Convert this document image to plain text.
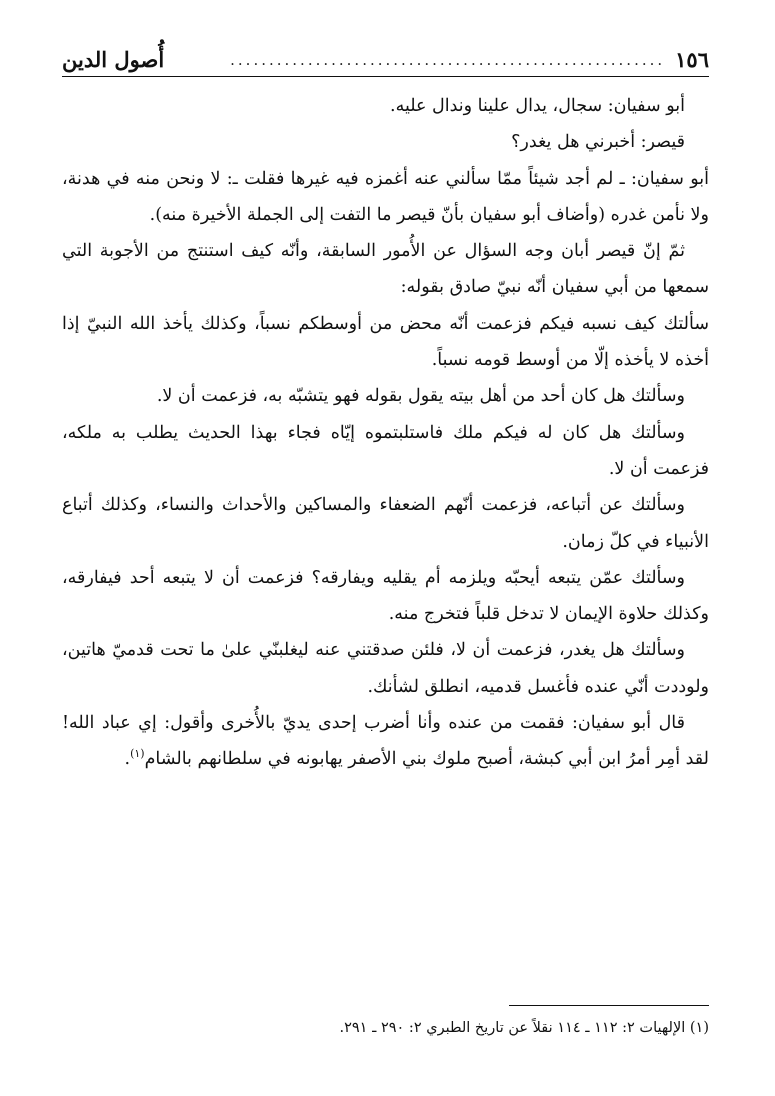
١٥٦
........................................................
أُصول الدين

أبو سفيان: سجال، يدال علينا وندال عليه.

قيصر: أخبرني هل يغدر؟

أبو سفيان: ـ لم أجد شيئاً ممّا سألني عنه أغمزه فيه غيرها فقلت ـ: لا ونحن منه في هدنة، ولا نأمن غدره (وأضاف أبو سفيان بأنّ قيصر ما التفت إلى الجملة الأخيرة منه).

ثمّ إنّ قيصر أبان وجه السؤال عن الأُمور السابقة، وأنّه كيف استنتج من الأجوبة التي سمعها من أبي سفيان أنّه نبيّ صادق بقوله:

سألتك كيف نسبه فيكم فزعمت أنّه محض من أوسطكم نسباً، وكذلك يأخذ الله النبيّ إذا أخذه لا يأخذه إلّا من أوسط قومه نسباً.

وسألتك هل كان أحد من أهل بيته يقول بقوله فهو يتشبّه به، فزعمت أن لا.

وسألتك هل كان له فيكم ملك فاستلبتموه إيّاه فجاء بهذا الحديث يطلب به ملكه، فزعمت أن لا.

وسألتك عن أتباعه، فزعمت أنّهم الضعفاء والمساكين والأحداث والنساء، وكذلك أتباع الأنبياء في كلّ زمان.

وسألتك عمّن يتبعه أيحبّه ويلزمه أم يقليه ويفارقه؟ فزعمت أن لا يتبعه أحد فيفارقه، وكذلك حلاوة الإيمان لا تدخل قلباً فتخرج منه.

وسألتك هل يغدر، فزعمت أن لا، فلئن صدقتني عنه ليغلبنّي علىٰ ما تحت قدميّ هاتين، ولوددت أنّي عنده فأغسل قدميه، انطلق لشأنك.

قال أبو سفيان: فقمت من عنده وأنا أضرب إحدى يديّ بالأُخرى وأقول: إي عباد الله! لقد أمِر أمرُ ابن أبي كبشة، أصبح ملوك بني الأصفر يهابونه في سلطانهم بالشام$^{(١)}$.

(١) الإلهيات ٢: ١١٢ ـ ١١٤ نقلاً عن تاريخ الطبري ٢: ٢٩٠ ـ ٢٩١.
